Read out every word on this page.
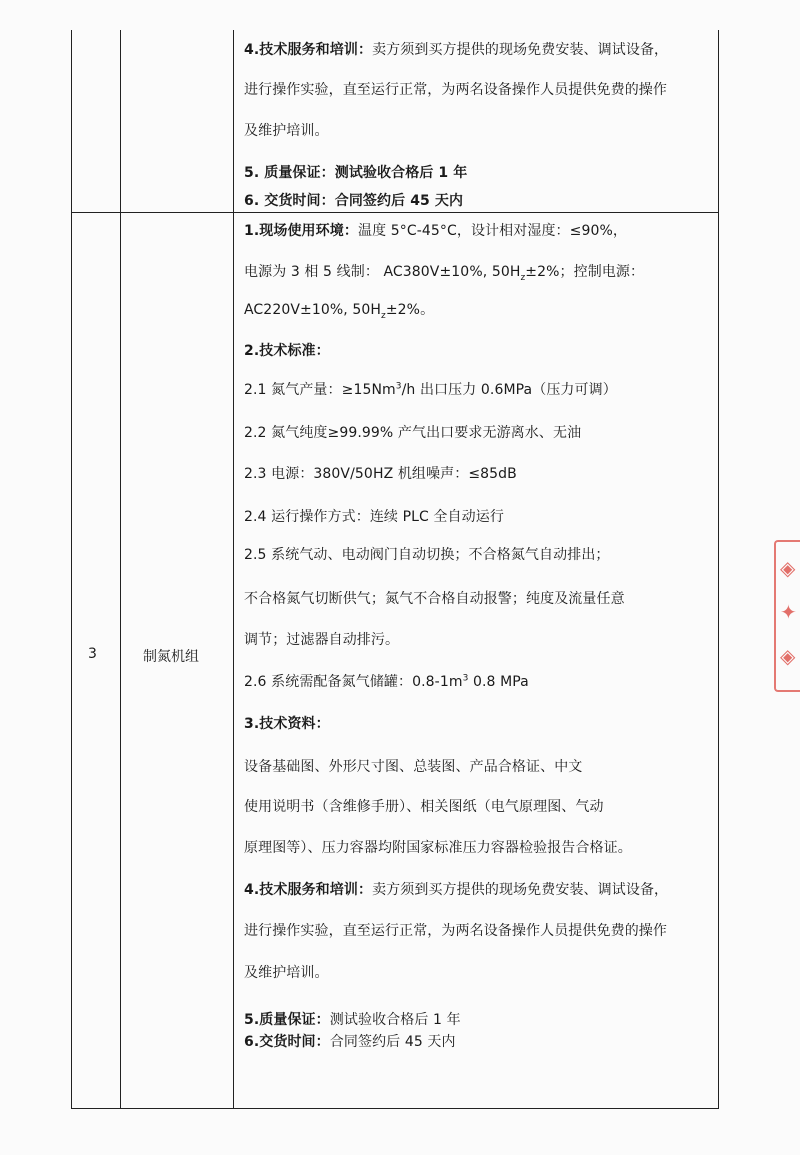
4.技术服务和培训：卖方须到买方提供的现场免费安装、调试设备，
进行操作实验，直至运行正常，为两名设备操作人员提供免费的操作
及维护培训。
5. 质量保证：测试验收合格后 1 年
6. 交货时间：合同签约后 45 天内
3	制氮机组
1.现场使用环境：温度 5°C-45°C，设计相对湿度：≤90%，
电源为 3 相 5 线制： AC380V±10%, $50H_z\pm 2\%$；控制电源：
AC220V±10%, $50H_z\pm 2\%$。
2.技术标准：
2.1 氮气产量：$\ge 15Nm^3/h$ 出口压力 0.6MPa（压力可调）
2.2 氮气纯度≥99.99% 产气出口要求无游离水、无油
2.3 电源：380V/50HZ 机组噪声：≤85dB
2.4 运行操作方式：连续 PLC 全自动运行
2.5 系统气动、电动阀门自动切换；不合格氮气自动排出；
不合格氮气切断供气；氮气不合格自动报警；纯度及流量任意
调节；过滤器自动排污。
2.6 系统需配备氮气储罐：$0.8-1m^3$ 0.8 MPa
3.技术资料：
设备基础图、外形尺寸图、总装图、产品合格证、中文
使用说明书（含维修手册）、相关图纸（电气原理图、气动
原理图等）、压力容器均附国家标准压力容器检验报告合格证。
4.技术服务和培训：卖方须到买方提供的现场免费安装、调试设备，
进行操作实验，直至运行正常，为两名设备操作人员提供免费的操作
及维护培训。
5.质量保证：测试验收合格后 1 年
6.交货时间：合同签约后 45 天内
◈
✦
◈
